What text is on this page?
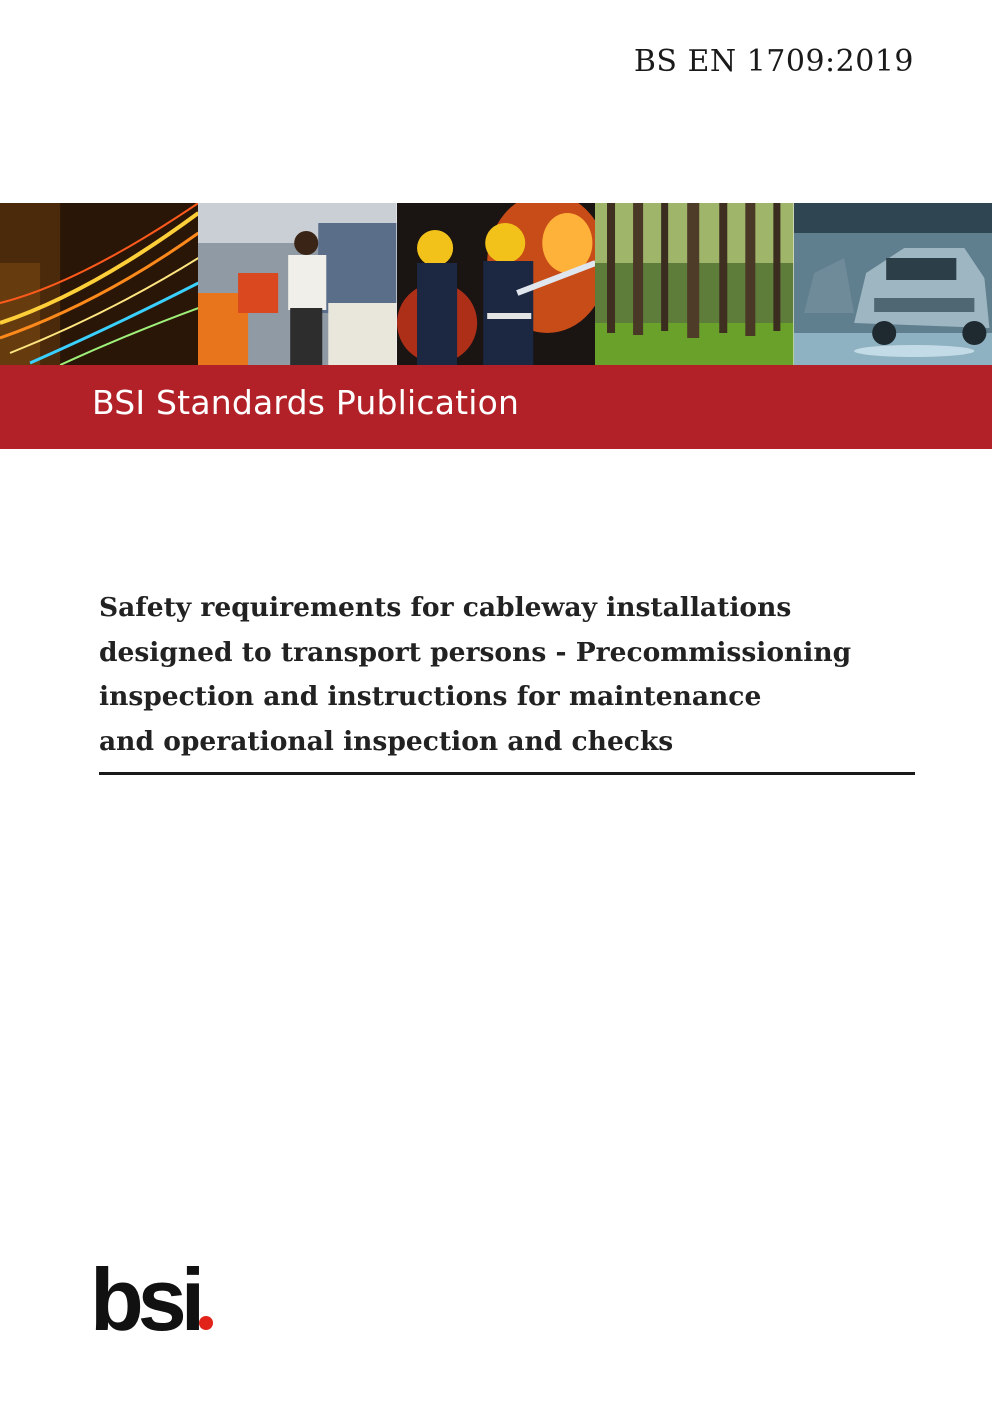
BS EN 1709:2019
BSI Standards Publication
Safety requirements for cableway installations
designed to transport persons - Precommissioning
inspection and instructions for maintenance
and operational inspection and checks
bsi
